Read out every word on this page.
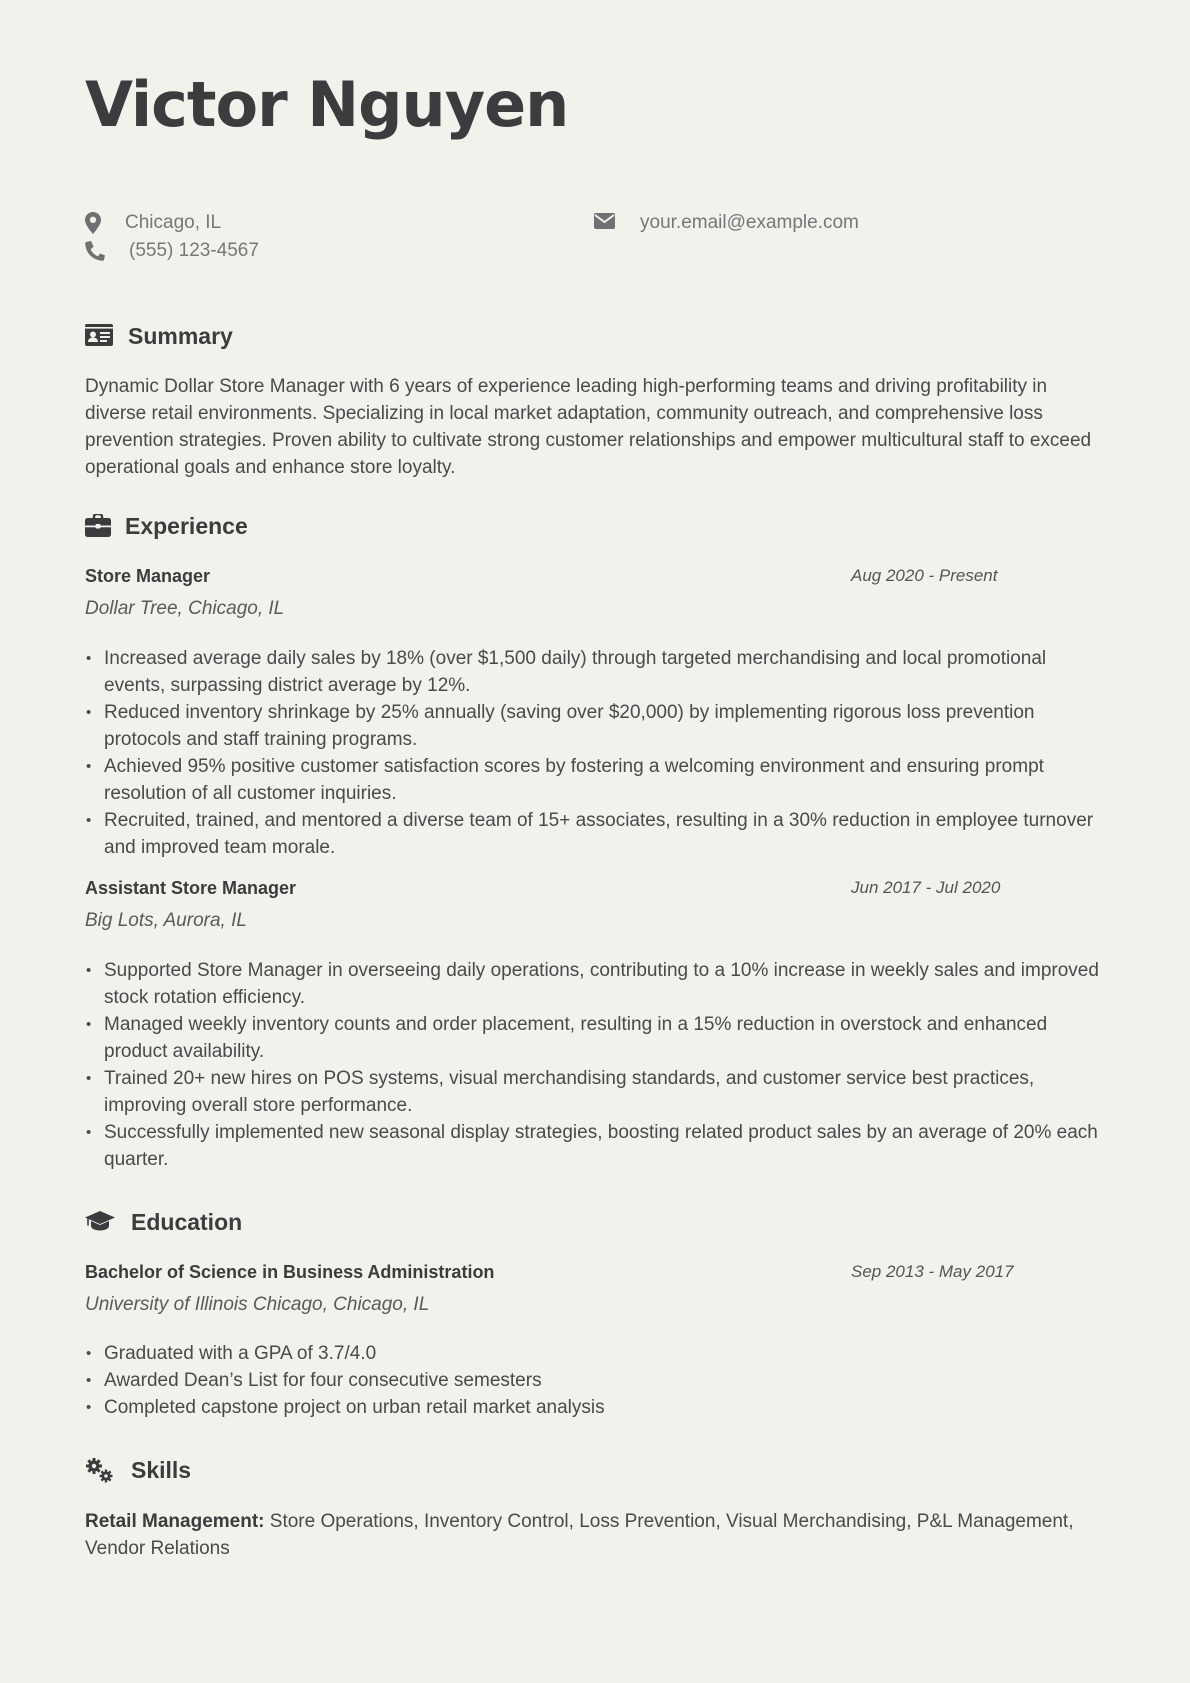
Victor Nguyen
Chicago, IL	your.email@example.com
(555) 123-4567
Summary

Dynamic Dollar Store Manager with 6 years of experience leading high-performing teams and driving profitability in diverse retail environments. Specializing in local market adaptation, community outreach, and comprehensive loss prevention strategies. Proven ability to cultivate strong customer relationships and empower multicultural staff to exceed operational goals and enhance store loyalty.

Experience
Store Manager	Aug 2020 - Present
Dollar Tree, Chicago, IL
• Increased average daily sales by 18% (over $1,500 daily) through targeted merchandising and local promotional events, surpassing district average by 12%.
• Reduced inventory shrinkage by 25% annually (saving over $20,000) by implementing rigorous loss prevention protocols and staff training programs.
• Achieved 95% positive customer satisfaction scores by fostering a welcoming environment and ensuring prompt resolution of all customer inquiries.
• Recruited, trained, and mentored a diverse team of 15+ associates, resulting in a 30% reduction in employee turnover and improved team morale.
Assistant Store Manager	Jun 2017 - Jul 2020
Big Lots, Aurora, IL
• Supported Store Manager in overseeing daily operations, contributing to a 10% increase in weekly sales and improved stock rotation efficiency.
• Managed weekly inventory counts and order placement, resulting in a 15% reduction in overstock and enhanced product availability.
• Trained 20+ new hires on POS systems, visual merchandising standards, and customer service best practices, improving overall store performance.
• Successfully implemented new seasonal display strategies, boosting related product sales by an average of 20% each quarter.
Education
Bachelor of Science in Business Administration	Sep 2013 - May 2017
University of Illinois Chicago, Chicago, IL
• Graduated with a GPA of 3.7/4.0
• Awarded Dean’s List for four consecutive semesters
• Completed capstone project on urban retail market analysis
Skills

Retail Management: Store Operations, Inventory Control, Loss Prevention, Visual Merchandising, P&L Management, Vendor Relations
